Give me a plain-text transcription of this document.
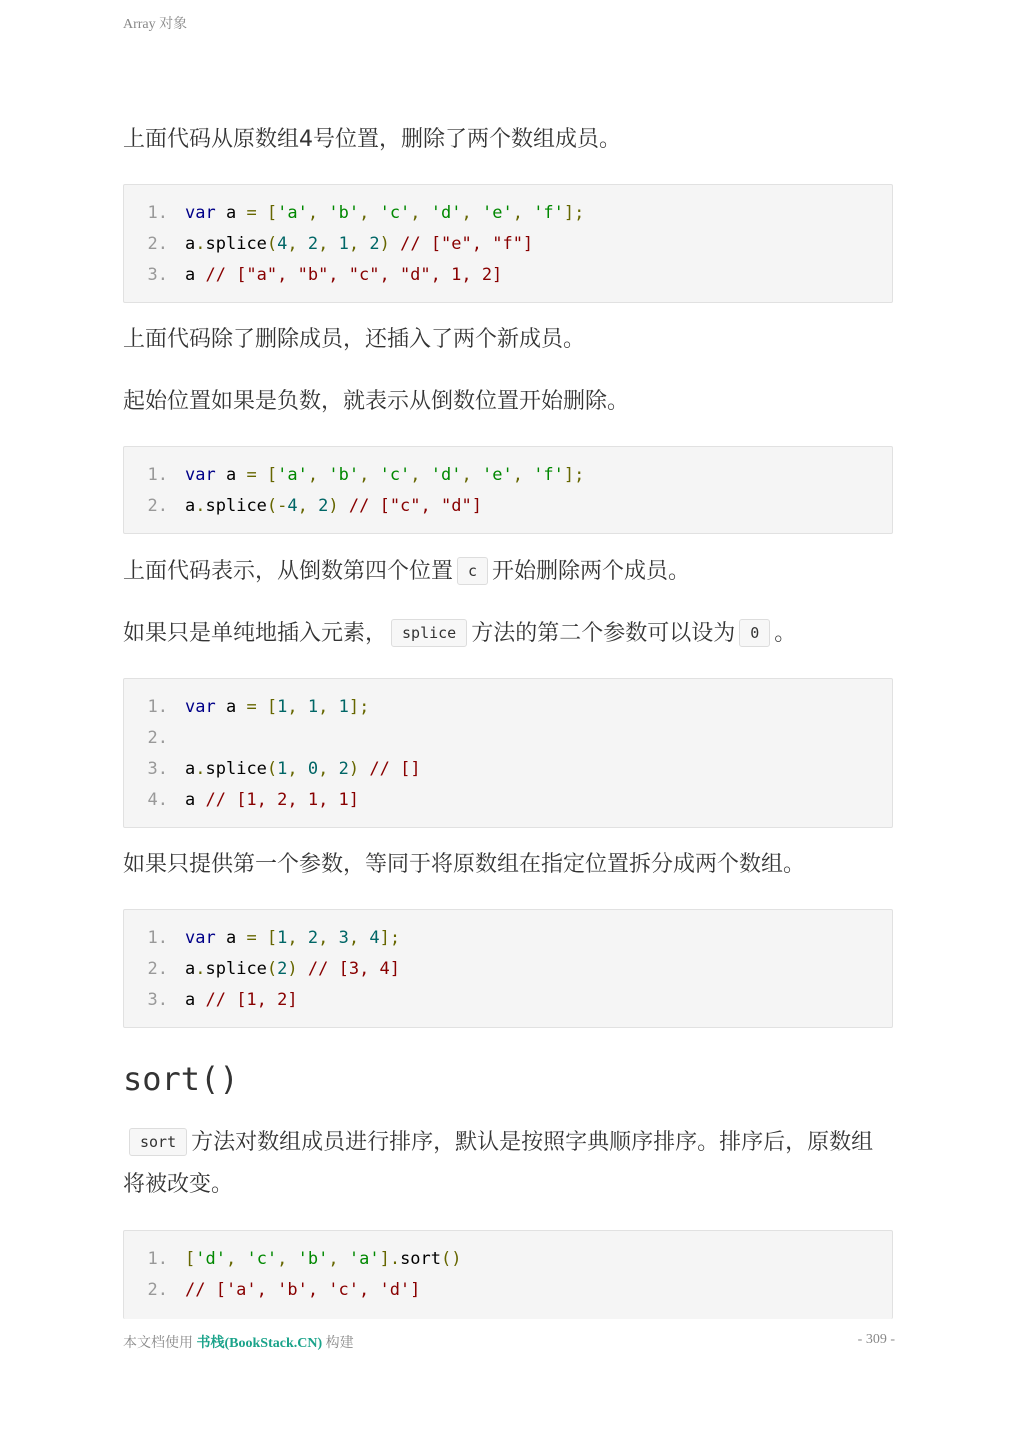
Array 对象
上面代码从原数组4号位置，删除了两个数组成员。
1. var a = ['a', 'b', 'c', 'd', 'e', 'f'];
2. a.splice(4, 2, 1, 2) // ["e", "f"]
3. a // ["a", "b", "c", "d", 1, 2]
上面代码除了删除成员，还插入了两个新成员。
起始位置如果是负数，就表示从倒数位置开始删除。
1. var a = ['a', 'b', 'c', 'd', 'e', 'f'];
2. a.splice(-4, 2) // ["c", "d"]
上面代码表示，从倒数第四个位置 c 开始删除两个成员。
如果只是单纯地插入元素， splice 方法的第二个参数可以设为 0 。
1. var a = [1, 1, 1];
2.
3. a.splice(1, 0, 2) // []
4. a // [1, 2, 1, 1]
如果只提供第一个参数，等同于将原数组在指定位置拆分成两个数组。
1. var a = [1, 2, 3, 4];
2. a.splice(2) // [3, 4]
3. a // [1, 2]
sort()
sort 方法对数组成员进行排序，默认是按照字典顺序排序。排序后，原数组将被改变。
1. ['d', 'c', 'b', 'a'].sort()
2. // ['a', 'b', 'c', 'd']
本文档使用 书栈(BookStack.CN) 构建	- 309 -
